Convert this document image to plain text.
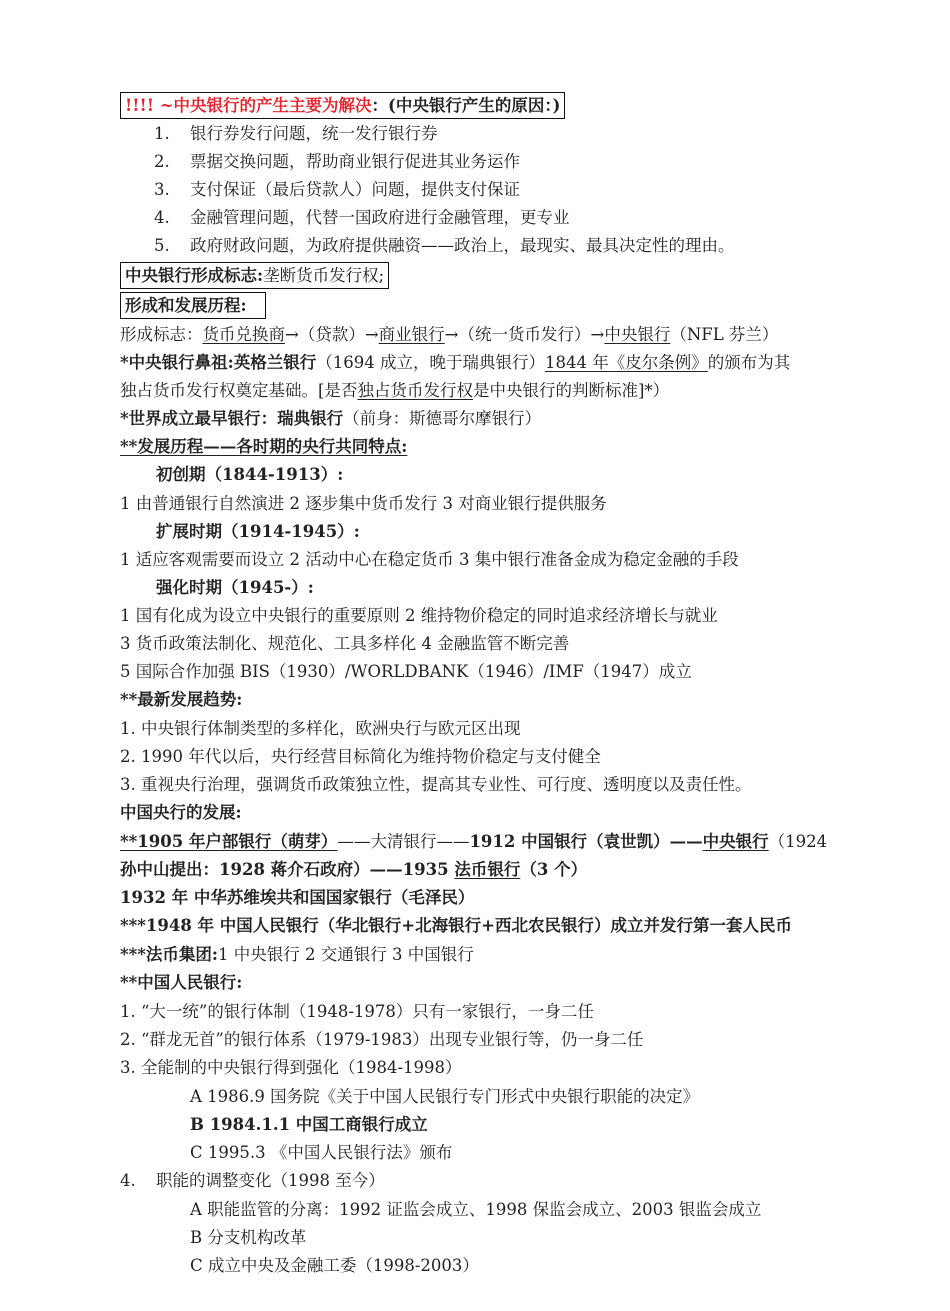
!!!! ~中央银行的产生主要为解决：(中央银行产生的原因：)
1. 银行券发行问题，统一发行银行券
2. 票据交换问题，帮助商业银行促进其业务运作
3. 支付保证（最后贷款人）问题，提供支付保证
4. 金融管理问题，代替一国政府进行金融管理，更专业
5. 政府财政问题，为政府提供融资——政治上，最现实、最具决定性的理由。
中央银行形成标志:垄断货币发行权;
形成和发展历程:
形成标志：货币兑换商→（贷款）→商业银行→（统一货币发行）→中央银行（NFL 芬兰）
*中央银行鼻祖:英格兰银行（1694 成立，晚于瑞典银行）1844 年《皮尔条例》的颁布为其
独占货币发行权奠定基础。[是否独占货币发行权是中央银行的判断标准]*）
*世界成立最早银行：瑞典银行（前身：斯德哥尔摩银行）
**发展历程——各时期的央行共同特点:
初创期（1844-1913）:
1 由普通银行自然演进 2 逐步集中货币发行 3 对商业银行提供服务
扩展时期（1914-1945）:
1 适应客观需要而设立 2 活动中心在稳定货币 3 集中银行准备金成为稳定金融的手段
强化时期（1945-）:
1 国有化成为设立中央银行的重要原则 2 维持物价稳定的同时追求经济增长与就业
3 货币政策法制化、规范化、工具多样化 4 金融监管不断完善
5 国际合作加强 BIS（1930）/WORLDBANK（1946）/IMF（1947）成立
**最新发展趋势:
1. 中央银行体制类型的多样化，欧洲央行与欧元区出现
2. 1990 年代以后，央行经营目标简化为维持物价稳定与支付健全
3. 重视央行治理，强调货币政策独立性，提高其专业性、可行度、透明度以及责任性。
中国央行的发展:
**1905 年户部银行（萌芽）——大清银行——1912 中国银行（袁世凯）——中央银行（1924
孙中山提出：1928 蒋介石政府）——1935 法币银行（3 个）
1932 年 中华苏维埃共和国国家银行（毛泽民）
***1948 年 中国人民银行（华北银行+北海银行+西北农民银行）成立并发行第一套人民币
***法币集团:1 中央银行 2 交通银行 3 中国银行
**中国人民银行:
1. “大一统”的银行体制（1948-1978）只有一家银行，一身二任
2. “群龙无首”的银行体系（1979-1983）出现专业银行等，仍一身二任
3. 全能制的中央银行得到强化（1984-1998）
A 1986.9 国务院《关于中国人民银行专门形式中央银行职能的决定》
B 1984.1.1 中国工商银行成立
C 1995.3 《中国人民银行法》颁布
4. 职能的调整变化（1998 至今）
A 职能监管的分离：1992 证监会成立、1998 保监会成立、2003 银监会成立
B 分支机构改革
C 成立中央及金融工委（1998-2003）
